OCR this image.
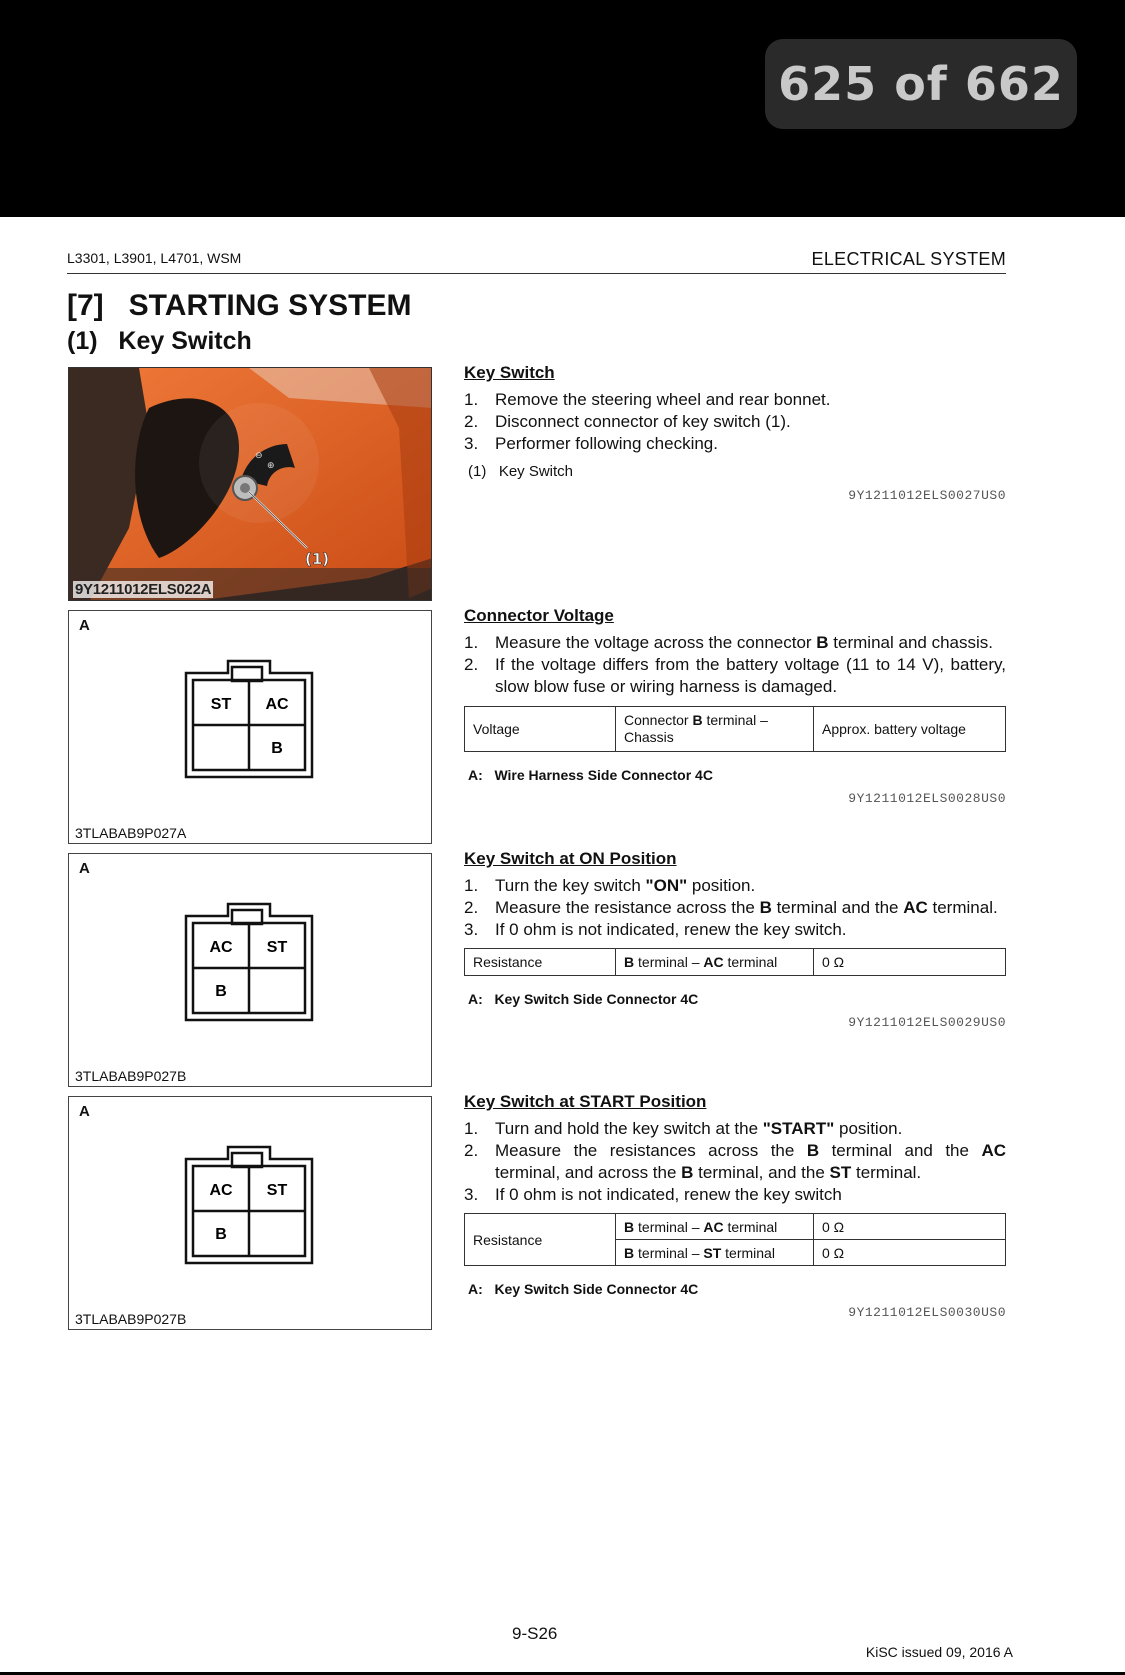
625 of 662
L3301, L3901, L4701, WSM	ELECTRICAL SYSTEM
[7]   STARTING SYSTEM
(1)   Key Switch
⊖
⊕
(1)
9Y1211012ELS022A
A
ST AC
B
3TLABAB9P027A
A
AC ST
B
3TLABAB9P027B
A
AC ST
B
3TLABAB9P027B
Key Switch
1. Remove the steering wheel and rear bonnet.
2. Disconnect connector of key switch (1).
3. Performer following checking.
(1)   Key Switch
9Y1211012ELS0027US0
Connector Voltage
1. Measure the voltage across the connector B terminal and chassis.
2. If the voltage differs from the battery voltage (11 to 14 V), battery, slow blow fuse or wiring harness is damaged.
Voltage	Connector B terminal – Chassis	Approx. battery voltage
A:   Wire Harness Side Connector 4C
9Y1211012ELS0028US0
Key Switch at ON Position
1. Turn the key switch "ON" position.
2. Measure the resistance across the B terminal and the AC terminal.
3. If 0 ohm is not indicated, renew the key switch.
Resistance	B terminal – AC terminal	0 Ω
A:   Key Switch Side Connector 4C
9Y1211012ELS0029US0
Key Switch at START Position
1. Turn and hold the key switch at the "START" position.
2. Measure the resistances across the B terminal and the AC terminal, and across the B terminal, and the ST terminal.
3. If 0 ohm is not indicated, renew the key switch
Resistance	B terminal – AC terminal	0 Ω
	B terminal – ST terminal	0 Ω
A:   Key Switch Side Connector 4C
9Y1211012ELS0030US0
9-S26
KiSC issued 09, 2016 A
